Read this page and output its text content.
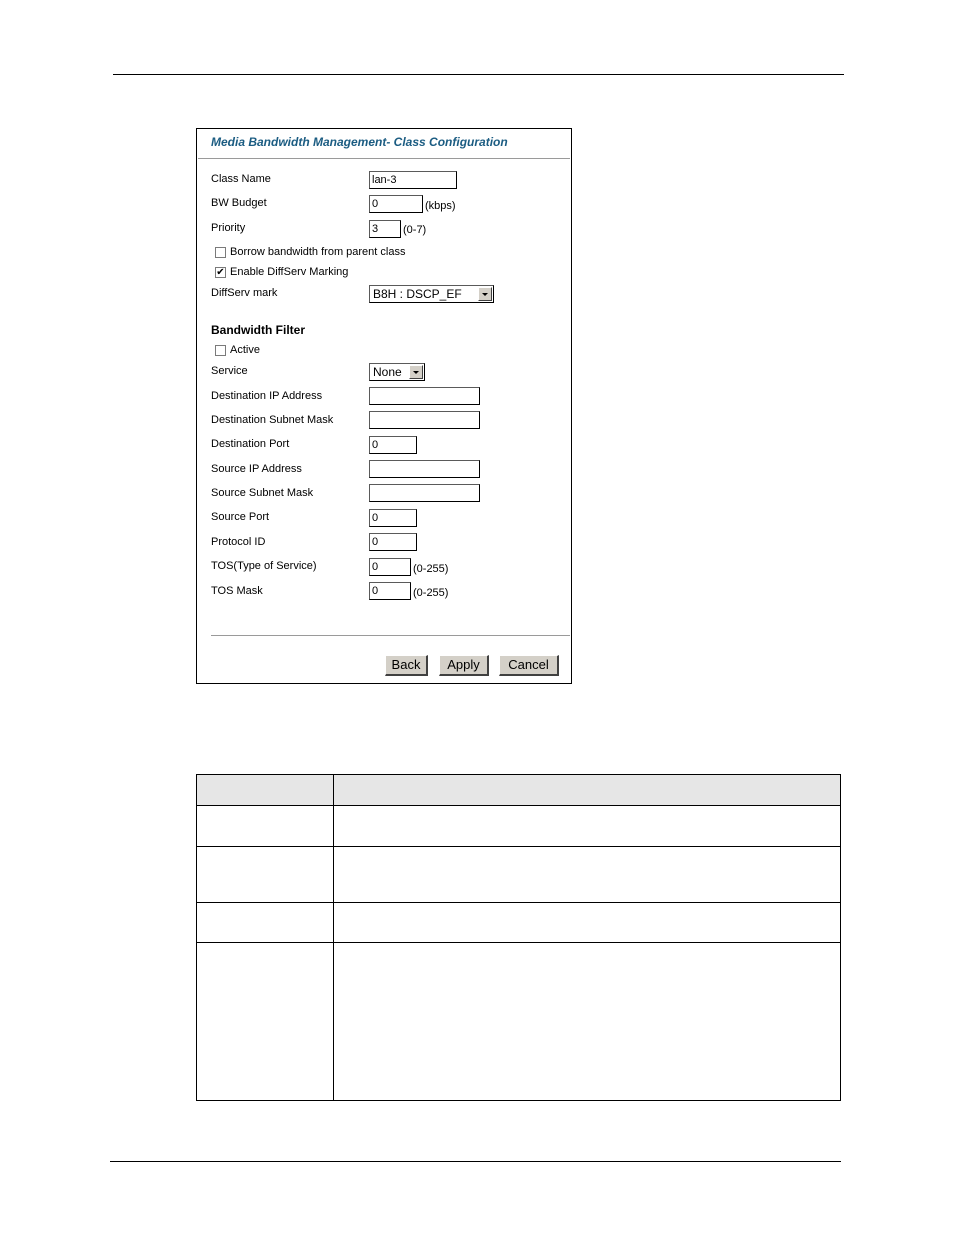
Media Bandwidth Management- Class Configuration
Class Name	lan-3
BW Budget	0	(kbps)
Priority	3	(0-7)
Borrow bandwidth from parent class
✔ Enable DiffServ Marking
DiffServ mark	B8H : DSCP_EF
Bandwidth Filter
Active
Service	None
Destination IP Address
Destination Subnet Mask
Destination Port	0
Source IP Address
Source Subnet Mask
Source Port	0
Protocol ID	0
TOS(Type of Service)	0	(0-255)
TOS Mask	0	(0-255)
Back	Apply	Cancel
